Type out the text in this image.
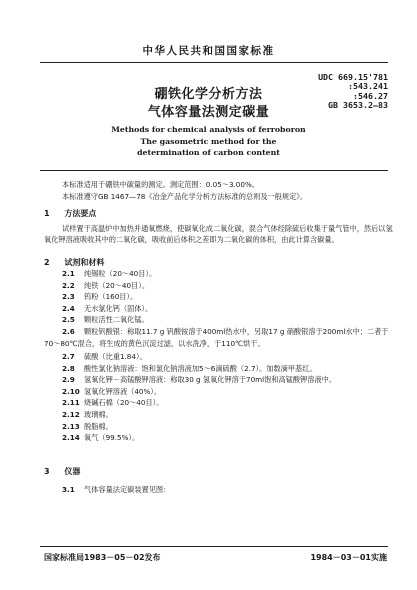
中华人民共和国国家标准
UDC 669.15'781
:543.241
:546.27
GB 3653.2—83
硼铁化学分析方法
气体容量法测定碳量
Methods for chemical analysis of ferroboron
The gasometric method for the
determination of carbon content
本标准适用于硼铁中碳量的测定。测定范围：0.05～3.00%。
本标准遵守GB 1467—78《冶金产品化学分析方法标准的总则及一般规定》。
1 方法要点
试样置于高温炉中加热并通氧燃烧，使碳氧化成二氧化碳，混合气体经除硫后收集于量气管中，然后以氢氧化钾溶液吸收其中的二氧化碳，吸收前后体积之差即为二氧化碳的体积，由此计算含碳量。
2 试剂和材料
2.1 纯锡粒（20～40目）。
2.2 纯铁（20～40目）。
2.3 钨粉（160目）。
2.4 无水氯化钙（固体）。
2.5 颗粒活性二氧化锰。
2.6 颗粒钒酸银：称取11.7 g 钒酸铵溶于400ml热水中，另取17 g 硝酸银溶于200ml水中；二者于
70～80℃混合，将生成的黄色沉淀过滤，以水洗净，于110℃烘干。
2.7 硫酸（比重1.84）。
2.8 酸性氯化钠溶液：饱和氯化钠溶液加5～6滴硫酸（2.7）。加数滴甲基红。
2.9 氢氧化钾－高锰酸钾溶液：称取30 g 氢氧化钾溶于70ml饱和高锰酸钾溶液中。
2.10 氢氧化钾溶液（40%）。
2.11 烧碱石棉（20～40目）。
2.12 玻璃棉。
2.13 脱脂棉。
2.14 氧气（99.5%）。
3 仪器
3.1 气体容量法定碳装置见图：
国家标准局1983－05－02发布	1984－03－01实施
